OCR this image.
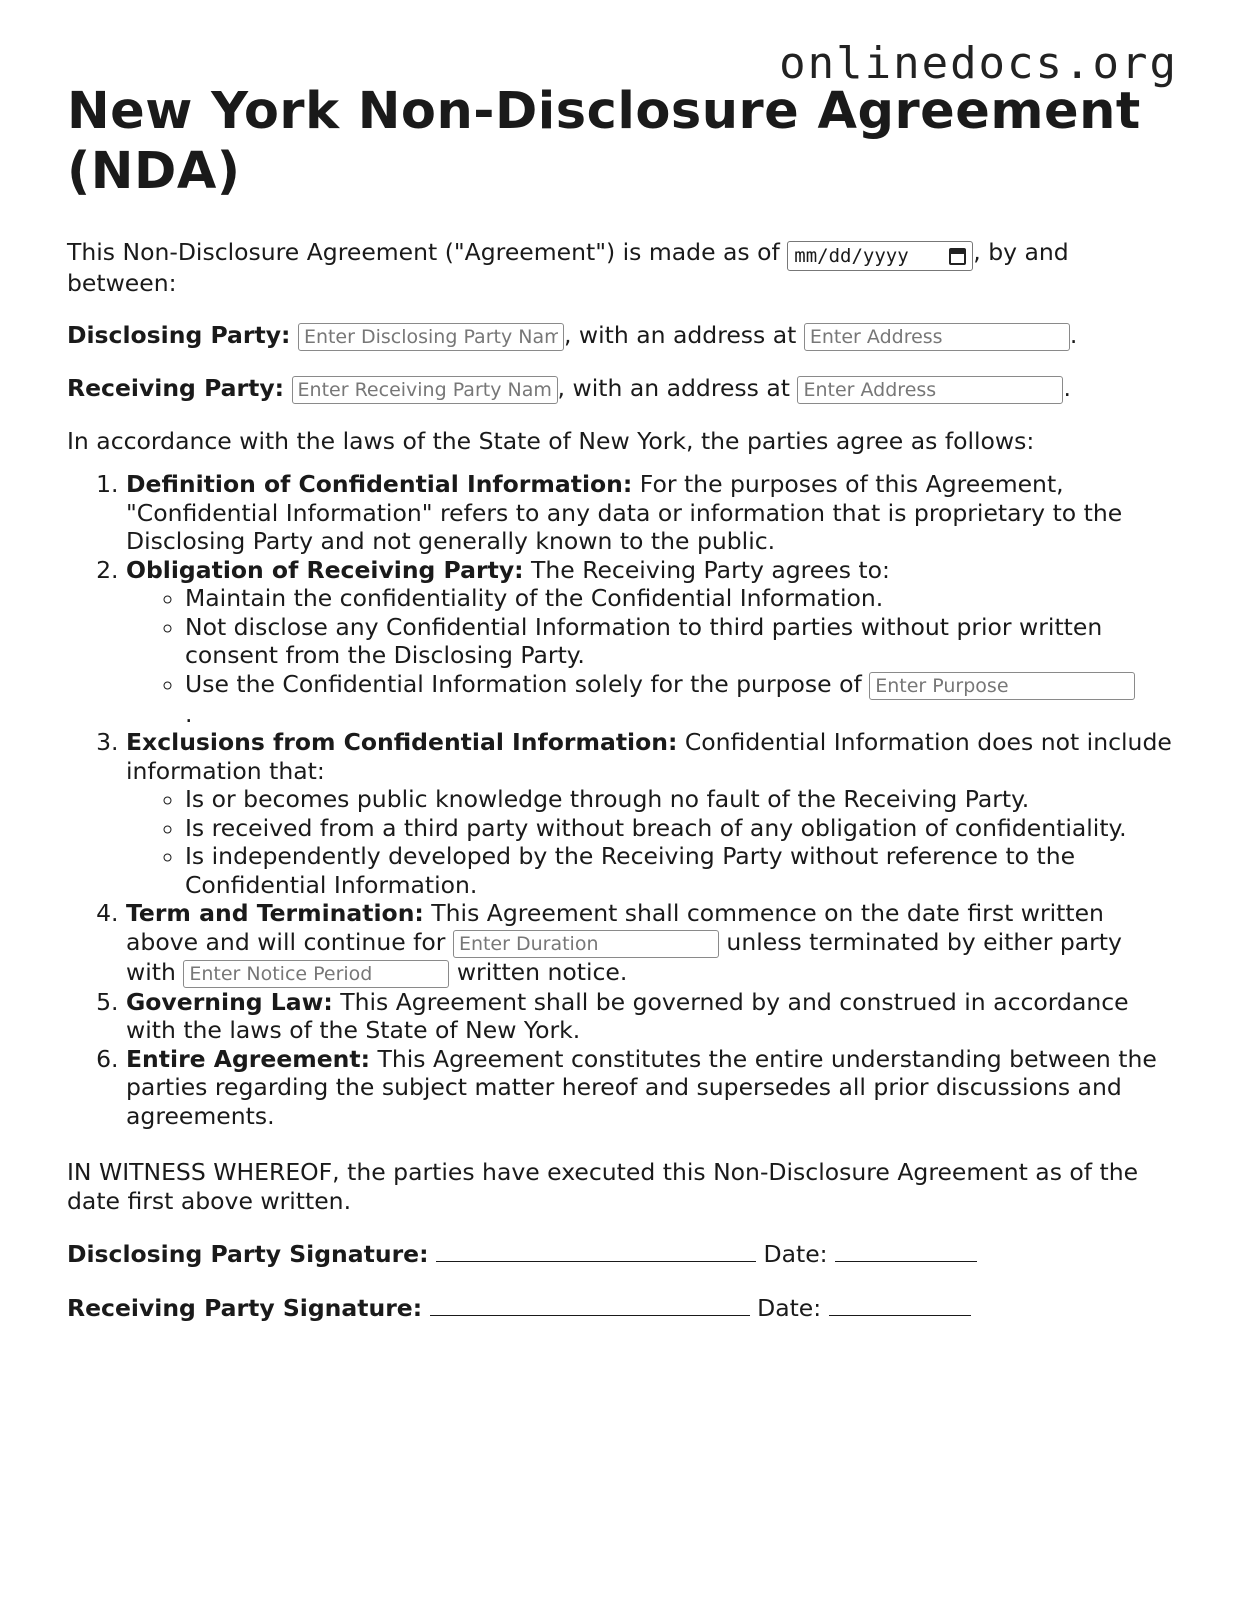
onlinedocs.org
New York Non-Disclosure Agreement (NDA)

This Non-Disclosure Agreement ("Agreement") is made as of mm/dd/yyyy	, by and between:

Disclosing Party: Enter Disclosing Party Name	, with an address at Enter Address	.

Receiving Party: Enter Receiving Party Name	, with an address at Enter Address	.

In accordance with the laws of the State of New York, the parties agree as follows:

1. Definition of Confidential Information: For the purposes of this Agreement, "Confidential Information" refers to any data or information that is proprietary to the Disclosing Party and not generally known to the public.
2. Obligation of Receiving Party: The Receiving Party agrees to:
◦ Maintain the confidentiality of the Confidential Information.
◦ Not disclose any Confidential Information to third parties without prior written consent from the Disclosing Party.
◦ Use the Confidential Information solely for the purpose of Enter Purpose
.
3. Exclusions from Confidential Information: Confidential Information does not include information that:
◦ Is or becomes public knowledge through no fault of the Receiving Party.
◦ Is received from a third party without breach of any obligation of confidentiality.
◦ Is independently developed by the Receiving Party without reference to the Confidential Information.
4. Term and Termination: This Agreement shall commence on the date first written above and will continue for Enter Duration	unless terminated by either party with Enter Notice Period	written notice.
5. Governing Law: This Agreement shall be governed by and construed in accordance with the laws of the State of New York.
6. Entire Agreement: This Agreement constitutes the entire understanding between the parties regarding the subject matter hereof and supersedes all prior discussions and agreements.

IN WITNESS WHEREOF, the parties have executed this Non-Disclosure Agreement as of the date first above written.

Disclosing Party Signature:	Date:

Receiving Party Signature:	Date:
